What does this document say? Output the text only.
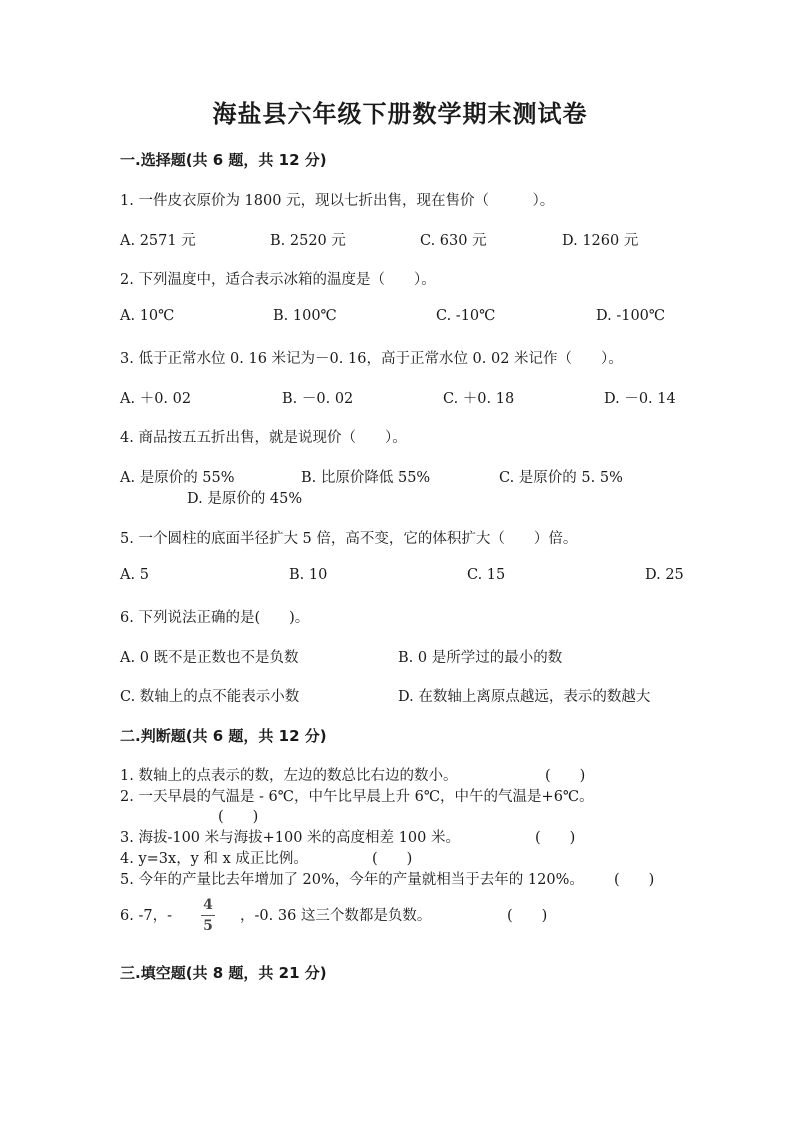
海盐县六年级下册数学期末测试卷
一.选择题(共 6 题，共 12 分)
1. 一件皮衣原价为 1800 元，现以七折出售，现在售价（　　　）。
A. 2571 元	B. 2520 元	C. 630 元	D. 1260 元
2. 下列温度中，适合表示冰箱的温度是（　　）。
A. 10℃	B. 100℃	C. -10℃	D. -100℃
3. 低于正常水位 0. 16 米记为－0. 16，高于正常水位 0. 02 米记作（　　）。
A. ＋0. 02	B. －0. 02	C. ＋0. 18	D. －0. 14
4. 商品按五五折出售，就是说现价（　　）。
A. 是原价的 55%	B. 比原价降低 55%	C. 是原价的 5. 5%
D. 是原价的 45%
5. 一个圆柱的底面半径扩大 5 倍，高不变，它的体积扩大（　　）倍。
A. 5	B. 10	C. 15	D. 25
6. 下列说法正确的是(　　)。
A. 0 既不是正数也不是负数	B. 0 是所学过的最小的数
C. 数轴上的点不能表示小数	D. 在数轴上离原点越远，表示的数越大
二.判断题(共 6 题，共 12 分)
1. 数轴上的点表示的数，左边的数总比右边的数小。	(　　)
2. 一天早晨的气温是 - 6℃，中午比早晨上升 6℃，中午的气温是+6℃。
(　　)
3. 海拔-100 米与海拔+100 米的高度相差 100 米。	(　　)
4. y=3x，y 和 x 成正比例。	(　　)
5. 今年的产量比去年增加了 20%，今年的产量就相当于去年的 120%。 (　　)
6. -7，-
4
5
，-0. 36 这三个数都是负数。	(　　)
三.填空题(共 8 题，共 21 分)
